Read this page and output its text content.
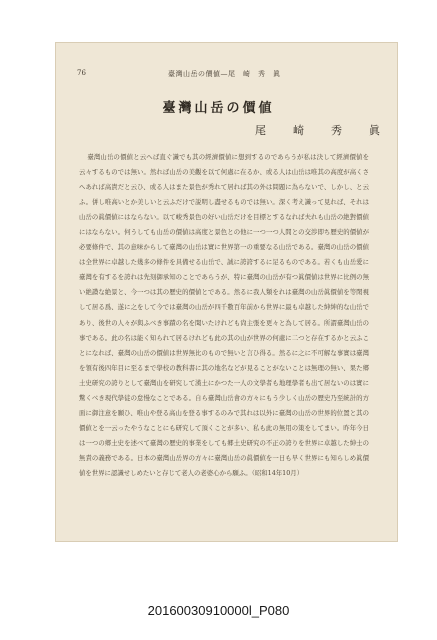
76	臺灣山岳の價値—尾　崎　秀　眞
臺灣山岳の價値
尾　崎　秀　眞

臺灣山岳の價値と云へば直ぐ識でも其の經濟價値に想到するのであらうが私は決して經濟價値を云々するものでは無い。然れば山岳の美觀を以て何處に在るか、或る人は山岳は唯其の高度が高くさへあれば高貴だと云ひ、或る人はまた景色が秀れて居れば其の外は問題に為らないで、しかし、と云ふ。併し唯高いとか美しいと云ふだけで説明し盡せるものでは無い。深く考え識って見れば、それは山岳の眞價値にはならない。以て峻秀景色の好い山岳だけを目標とするなれば夫れも山岳の絶對價値にはならない。何うしても山岳の價値は高度と景色との他に一つ一つ人間との交渉即ち歷史的價値が必要條件で、其の意味からして臺灣の山岳は實に世界第一の重要なる山岳である。臺灣の山岳の價値は全世界に卓越した幾多の條件を具備せる山岳で、誠に誇誇するに足るものである。若くも山岳愛に臺灣を有するを誇れは先刻御承知のことであらうが、特に臺灣の山岳が有つ眞價値は世界に比例の無い絶讚な絶景と、今一つは其の歷史的價値とである。然るに我人類をれは臺灣の山岳眞價値を等閑視して居る爲、遂に之をして今では臺灣の山岳が四千數百年前から世界に最も卓越した紳紳的な山岳であり、後世の人々が與ふべき事蹟の名を聞いたけれども尙主張を更々と為して居る。所謂臺灣山岳の事である。此の名は能く知られて居るけれども此の其の山が世界の何處に二つと存在するかと云ふことになれば、臺灣の山岳の價値は世界無比のもので無いと言ひ得る。然るに之に不可解な事實は臺灣を領有後四年目に至るまで學校の教科書に其の地名などが見ることがないことは無理の無い、果た郷土史研究の誇りとして臺灣山を研究して漢土にかつた一人の文學者も地理學者も出て居ないのは實に驚くべき現代學徒の怠慢なことである。自ら臺灣山岳會の方々にもう少しく山岳の歷史乃至統計的方面に御注意を願ひ、唯山や登る高山を登る事するのみで其れは以外に臺灣の山岳の世界的位置と其の價値とを一云ったやうなことにも研究して頂くことが多い、私も此の無用の策をしてまい。昨年今日は一つの郷土史を述べて臺灣の歷史的事業をしても郷土史研究の不正の誇りを世界に卓越した紳士の無責の義務である。日本の臺灣山岳界の方々に臺灣山岳の眞價値を一日も早く世界にも知らしめ眞價値を世界に認識せしめたいと存じて老人の老婆心から願ふ。（昭和14年10月）

20160030910000l_P080
